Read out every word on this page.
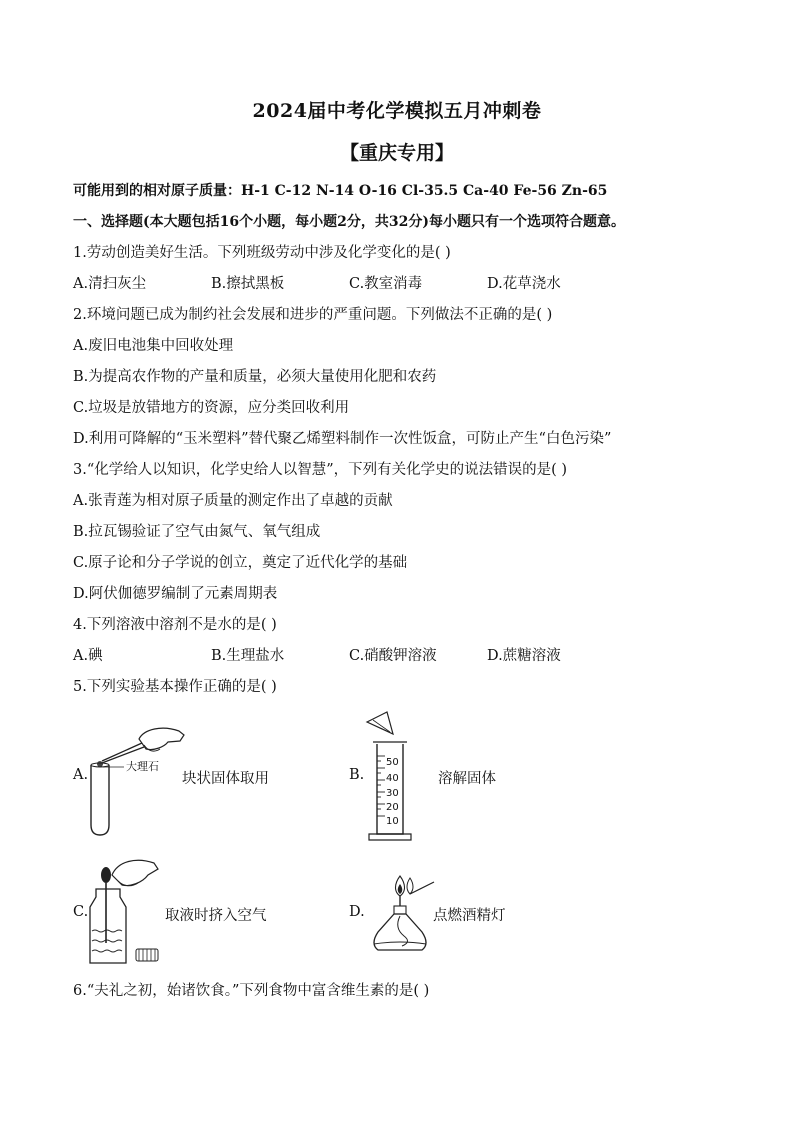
2024届中考化学模拟五月冲刺卷
【重庆专用】
可能用到的相对原子质量：H-1 C-12 N-14 O-16 Cl-35.5 Ca-40 Fe-56 Zn-65
一、选择题(本大题包括16个小题，每小题2分，共32分)每小题只有一个选项符合题意。
1.劳动创造美好生活。下列班级劳动中涉及化学变化的是( )
A.清扫灰尘	B.擦拭黑板	C.教室消毒	D.花草浇水
2.环境问题已成为制约社会发展和进步的严重问题。下列做法不正确的是( )
A.废旧电池集中回收处理
B.为提高农作物的产量和质量，必须大量使用化肥和农药
C.垃圾是放错地方的资源，应分类回收利用
D.利用可降解的“玉米塑料”替代聚乙烯塑料制作一次性饭盒，可防止产生“白色污染”
3.“化学给人以知识，化学史给人以智慧”，下列有关化学史的说法错误的是( )
A.张青莲为相对原子质量的测定作出了卓越的贡献
B.拉瓦锡验证了空气由氮气、氧气组成
C.原子论和分子学说的创立，奠定了近代化学的基础
D.阿伏伽德罗编制了元素周期表
4.下列溶液中溶剂不是水的是( )
A.碘	B.生理盐水	C.硝酸钾溶液	D.蔗糖溶液
5.下列实验基本操作正确的是( )
A.
大理石
块状固体取用	B.
50
40
30
20
10
溶解固体
C.	取液时挤入空气	D.	点燃酒精灯
6.“夫礼之初，始诸饮食。”下列食物中富含维生素的是( )
